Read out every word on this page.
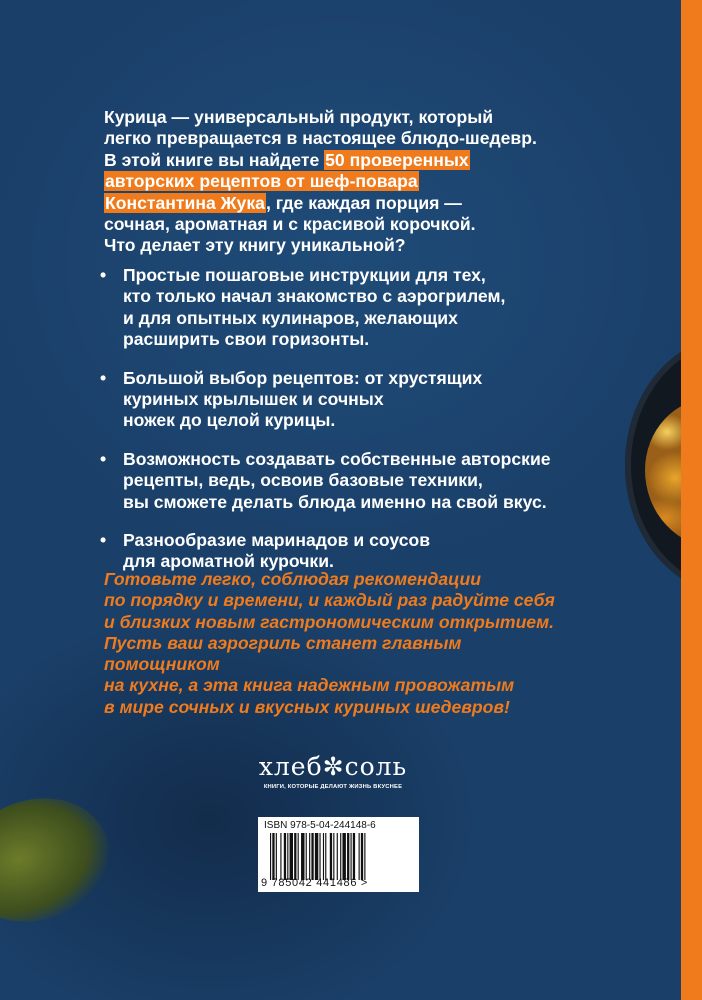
Курица — универсальный продукт, который

легко превращается в настоящее блюдо-шедевр.

В этой книге вы найдете 50 проверенных

авторских рецептов от шеф-повара

Константина Жука, где каждая порция —

сочная, ароматная и с красивой корочкой.

Что делает эту книгу уникальной?

• Простые пошаговые инструкции для тех,
кто только начал знакомство с аэрогрилем,
и для опытных кулинаров, желающих
расширить свои горизонты.
• Большой выбор рецептов: от хрустящих
куриных крылышек и сочных
ножек до целой курицы.
• Возможность создавать собственные авторские
рецепты, ведь, освоив базовые техники,
вы сможете делать блюда именно на свой вкус.
• Разнообразие маринадов и соусов
для ароматной курочки.

Готовьте легко, соблюдая рекомендации

по порядку и времени, и каждый раз радуйте себя

и близких новым гастрономическим открытием.

Пусть ваш аэрогриль станет главным помощником

на кухне, а эта книга надежным провожатым

в мире сочных и вкусных куриных шедевров!

хлеб✼соль
КНИГИ, КОТОРЫЕ ДЕЛАЮТ ЖИЗНЬ ВКУСНЕЕ
ISBN 978-5-04-244148-6
9 785042 441486 >
